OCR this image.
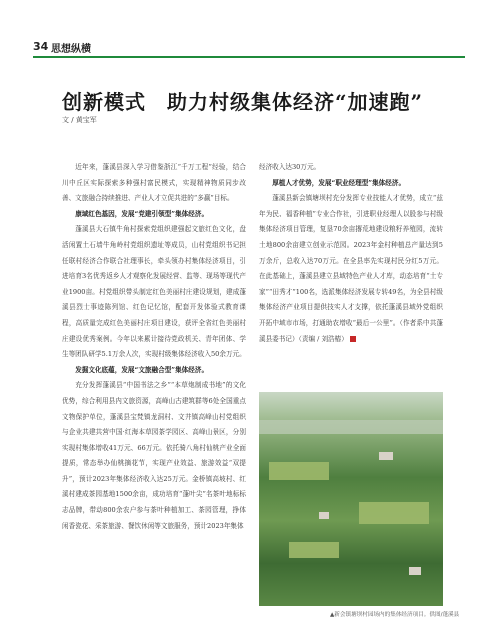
34 思想纵横
创新模式　助力村级集体经济“加速跑”
文 / 黄宝军

近年来，蓬溪县深入学习借鉴浙江“千万工程”经验，结合川中丘区实际探索多种强村富民模式，实现精神物质同步改善、文旅融合持续推进、产业人才立促共进的“多赢”目标。

康域红色基因，发展“党建引领型”集体经济。

蓬溪县大石镇牛角村探索党组织建强起文旅红色文化，盘活闲置土石墙牛角岭村党组织遗址等成员，山村党组织书记担任联村经济合作联合社理事长，牵头领办村集体经济项目，引进培育3名优秀返乡人才观察化发展经营、监等、现场等现代产业1900亩。村党组织带头制定红色美丽村庄建设规划，建成蓬溪县烈士事迹陈列馆、红色记忆馆，配套开发体验式教育课程，高质量完成红色美丽村庄项目建设，获评全省红色美丽村庄建设优秀案例。今年以来累计接待党政机关、青年团体、学生等团队研学5.1万余人次，实现村级集体经济收入50余万元。

发掘文化底蕴，发展“文旅融合型”集体经济。

充分发挥蓬溪县“中国书法之乡”“本草炮制成书地”的文化优势，综合利用县内文旅资源，高峰山古建筑群等6处全国重点文物保护单位，蓬溪县宝梵镇龙洞村、文井镇高峰山村党组织与企业共建共营中国·红海本草园茶学园区、高峰山景区，分别实现村集体增收41万元、66万元。依托骑八角村仙桃产业全面提质，常态举办仙桃摘花节，实现产业效益、旅游效益“双提升”，预计2023年集体经济收入达25万元。金桥镇高坡村、红溪村建成茶园基地1500余亩，成功培育“蓬叶尖”名茶叶地标标志品牌，带动800余农户参与茶叶种植加工、茶园管理，挣体闲香瓷花、采茶旅游、餐饮休闲等文旅服务，预计2023年集体

经济收入达30万元。

厚植人才优势，发展“职业经理型”集体经济。

蓬溪县新会镇塘坝村充分发挥专业技能人才优势，成立“兹年为民、福香种植”专业合作社，引进职业经理人以股参与村级集体经济项目管理，复垦70余亩撂荒地建设粮籽养殖园，流转土地800余亩建立创业示范园。2023年金村种植总产量达到5万余斤，总收入达70万元。在全县率先实现村民分红5万元。在此基础上，蓬溪县建立县域特色产业人才库，动态培育“土专家”“田秀才”100名，选派集体经济发展专转49名，为全县村级集体经济产业项目提供技实人才支撑，依托蓬溪县域外党组织开拓中域市市场，打通助农增收“最后一公里”。（作者系中共蓬溪县委书记）（责编 / 刘浩樁）

▲新会镇塘坝村园场内的集体经济项目。供图/蓬溪县
